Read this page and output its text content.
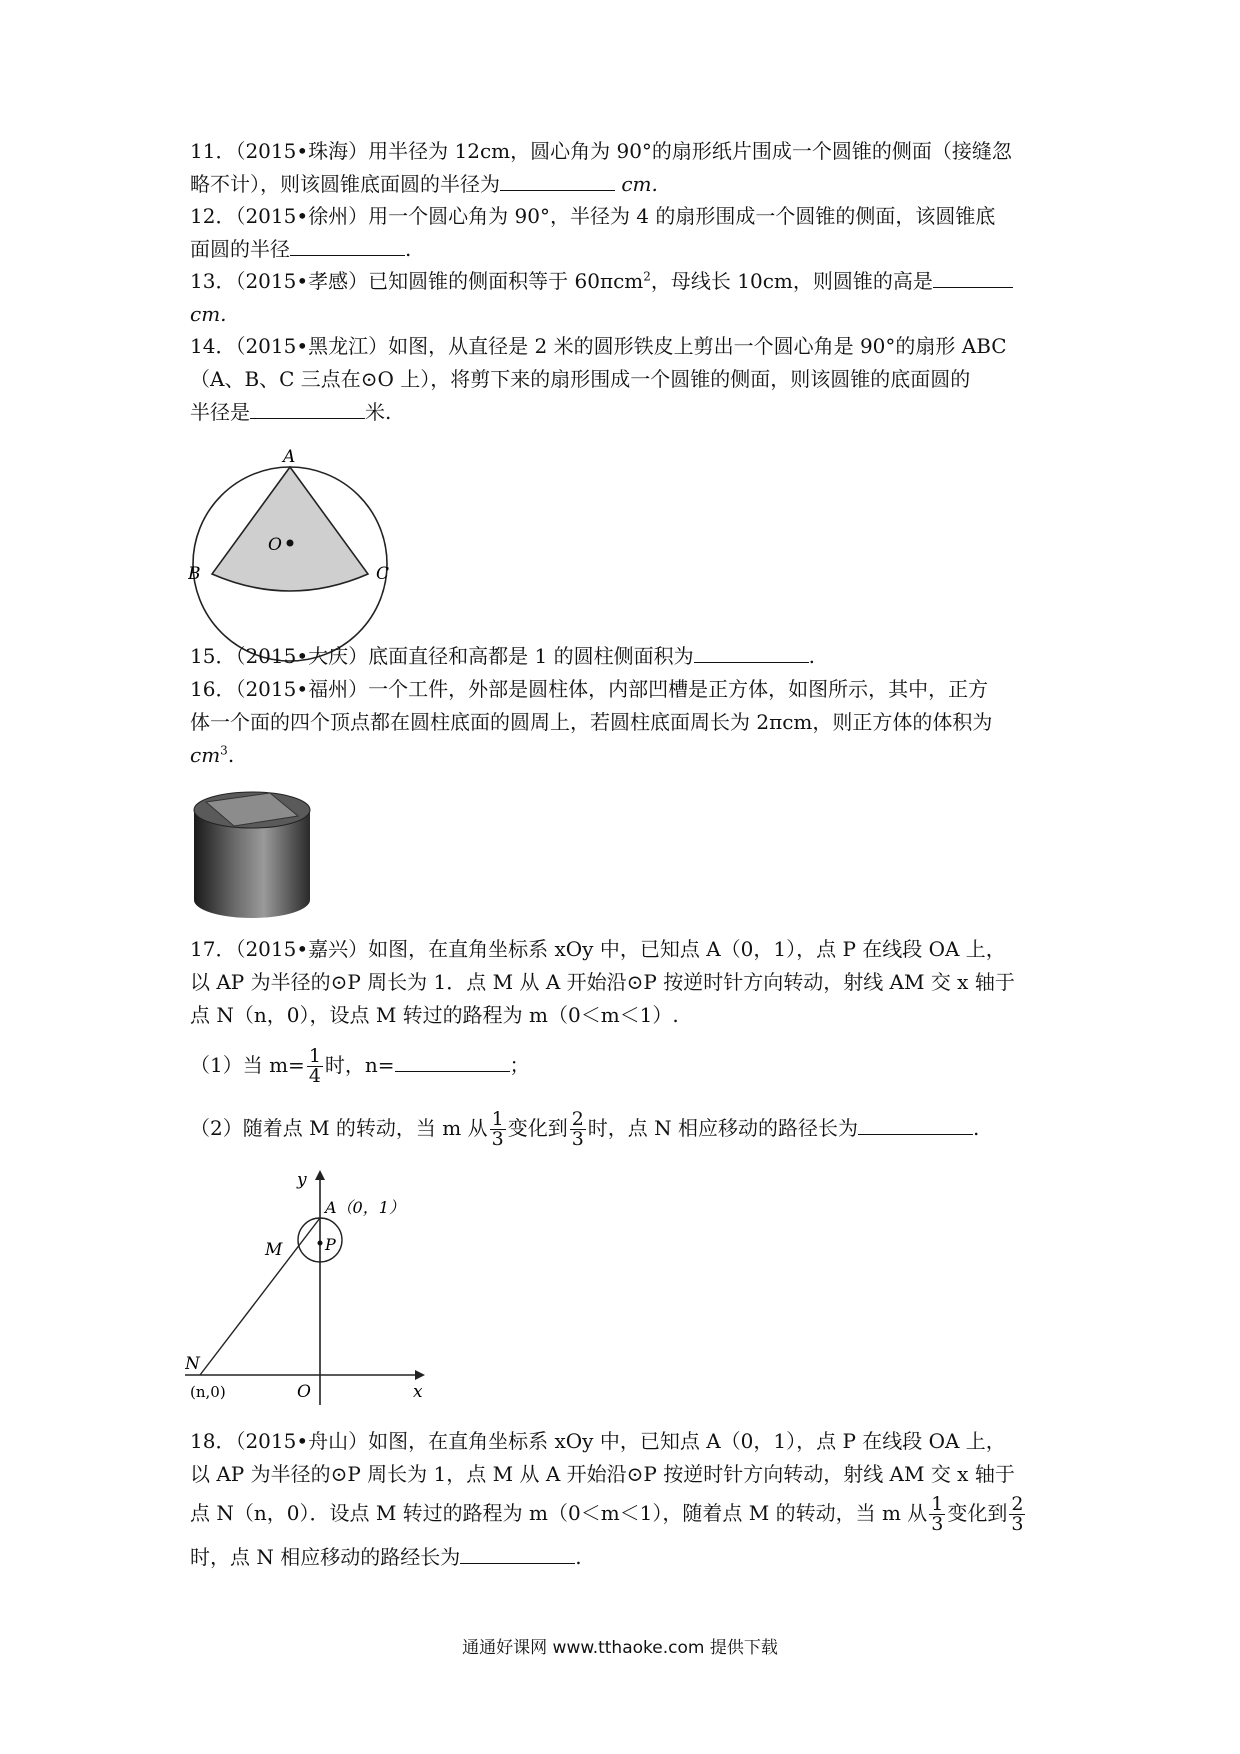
11．（2015•珠海）用半径为 12cm，圆心角为 90°的扇形纸片围成一个圆锥的侧面（接缝忽
略不计），则该圆锥底面圆的半径为	cm.
12．（2015•徐州）用一个圆心角为 90°，半径为 4 的扇形围成一个圆锥的侧面，该圆锥底
面圆的半径	.
13．（2015•孝感）已知圆锥的侧面积等于 60πcm$^2$，母线长 10cm，则圆锥的高是
cm.
14．（2015•黑龙江）如图，从直径是 2 米的圆形铁皮上剪出一个圆心角是 90°的扇形 ABC
（A、B、C 三点在⊙O 上），将剪下来的扇形围成一个圆锥的侧面，则该圆锥的底面圆的
半径是	米.
A
B	C
O
15．（2015•大庆）底面直径和高都是 1 的圆柱侧面积为	.
16．（2015•福州）一个工件，外部是圆柱体，内部凹槽是正方体，如图所示，其中，正方
体一个面的四个顶点都在圆柱底面的圆周上，若圆柱底面周长为 2πcm，则正方体的体积为
$cm^3$.
17．（2015•嘉兴）如图，在直角坐标系 xOy 中，已知点 A（0，1），点 P 在线段 OA 上，
以 AP 为半径的⊙P 周长为 1．点 M 从 A 开始沿⊙P 按逆时针方向转动，射线 AM 交 x 轴于
点 N（n，0），设点 M 转过的路程为 m（0＜m＜1）.
（1）当 $m= \frac{1}{4}$ 时，n=	；
（2）随着点 M 的转动，当 m 从 $\frac{1}{3}$ 变化到 $\frac{2}{3}$ 时，点 N 相应移动的路径长为	.
y
x
A（0，1）
P
M
N
(n,0)	O
18．（2015•舟山）如图，在直角坐标系 xOy 中，已知点 A（0，1），点 P 在线段 OA 上，
以 AP 为半径的⊙P 周长为 1，点 M 从 A 开始沿⊙P 按逆时针方向转动，射线 AM 交 x 轴于
点 N（n，0）．设点 M 转过的路程为 m（0＜m＜1），随着点 M 的转动，当 m 从 $\frac{1}{3}$ 变化到 $\frac{2}{3}$
时，点 N 相应移动的路经长为	.
通通好课网 www.tthaoke.com 提供下载
